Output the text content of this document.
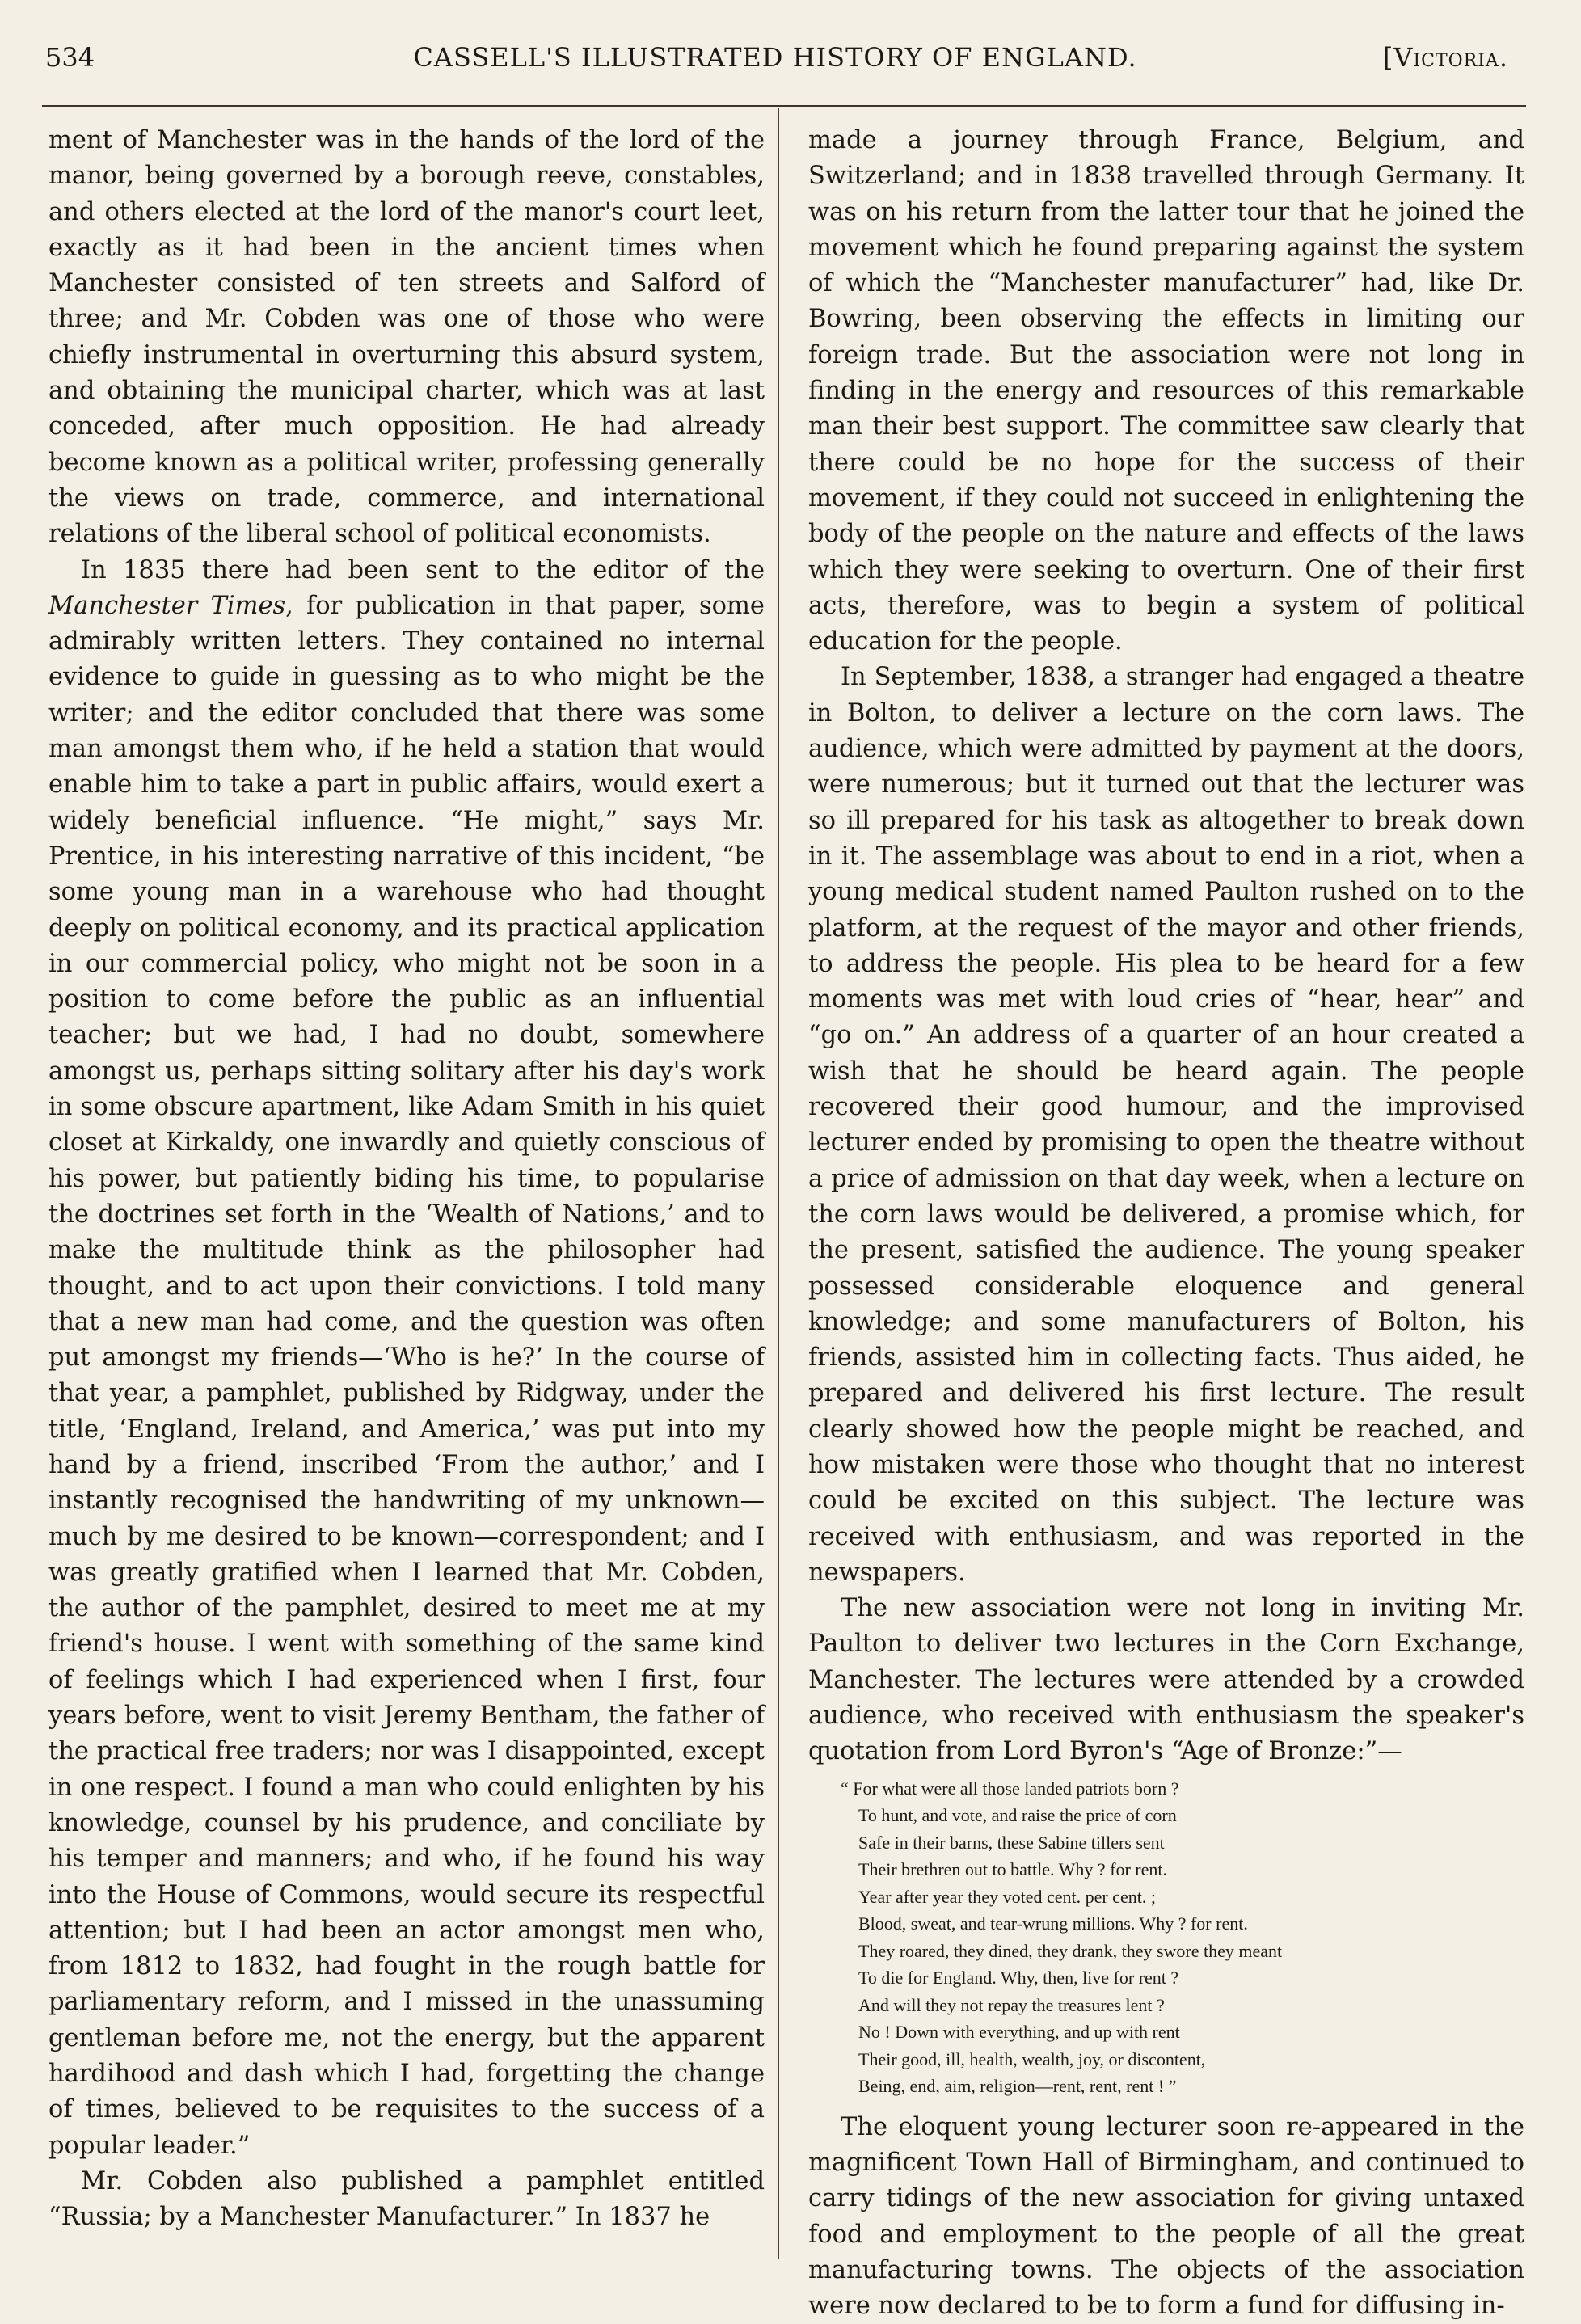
534	CASSELL'S ILLUSTRATED HISTORY OF ENGLAND.	[Victoria.

ment of Manchester was in the hands of the lord of the manor, being governed by a borough reeve, constables, and others elected at the lord of the manor's court leet, exactly as it had been in the ancient times when Manchester consisted of ten streets and Salford of three; and Mr. Cobden was one of those who were chiefly instrumental in overturning this absurd system, and obtaining the municipal charter, which was at last conceded, after much opposition. He had already become known as a political writer, professing generally the views on trade, commerce, and international relations of the liberal school of political economists.

In 1835 there had been sent to the editor of the Manchester Times, for publication in that paper, some admirably written letters. They contained no internal evidence to guide in guessing as to who might be the writer; and the editor concluded that there was some man amongst them who, if he held a station that would enable him to take a part in public affairs, would exert a widely beneficial influence. “He might,” says Mr. Prentice, in his interesting narrative of this incident, “be some young man in a warehouse who had thought deeply on political economy, and its practical application in our commercial policy, who might not be soon in a position to come before the public as an influential teacher; but we had, I had no doubt, somewhere amongst us, perhaps sitting solitary after his day's work in some obscure apartment, like Adam Smith in his quiet closet at Kirkaldy, one inwardly and quietly conscious of his power, but patiently biding his time, to popularise the doctrines set forth in the ‘Wealth of Nations,’ and to make the multitude think as the philosopher had thought, and to act upon their convictions. I told many that a new man had come, and the question was often put amongst my friends—‘Who is he?’ In the course of that year, a pamphlet, published by Ridgway, under the title, ‘England, Ireland, and America,’ was put into my hand by a friend, inscribed ‘From the author,’ and I instantly recognised the handwriting of my unknown—much by me desired to be known—correspondent; and I was greatly gratified when I learned that Mr. Cobden, the author of the pamphlet, desired to meet me at my friend's house. I went with something of the same kind of feelings which I had experienced when I first, four years before, went to visit Jeremy Bentham, the father of the practical free traders; nor was I disappointed, except in one respect. I found a man who could enlighten by his knowledge, counsel by his prudence, and conciliate by his temper and manners; and who, if he found his way into the House of Commons, would secure its respectful attention; but I had been an actor amongst men who, from 1812 to 1832, had fought in the rough battle for parliamentary reform, and I missed in the unassuming gentleman before me, not the energy, but the apparent hardihood and dash which I had, forgetting the change of times, believed to be requisites to the success of a popular leader.”

Mr. Cobden also published a pamphlet entitled “Russia; by a Manchester Manufacturer.” In 1837 he

made a journey through France, Belgium, and Switzerland; and in 1838 travelled through Germany. It was on his return from the latter tour that he joined the movement which he found preparing against the system of which the “Manchester manufacturer” had, like Dr. Bowring, been observing the effects in limiting our foreign trade. But the association were not long in finding in the energy and resources of this remarkable man their best support. The committee saw clearly that there could be no hope for the success of their movement, if they could not succeed in enlightening the body of the people on the nature and effects of the laws which they were seeking to overturn. One of their first acts, therefore, was to begin a system of political education for the people.

In September, 1838, a stranger had engaged a theatre in Bolton, to deliver a lecture on the corn laws. The audience, which were admitted by payment at the doors, were numerous; but it turned out that the lecturer was so ill prepared for his task as altogether to break down in it. The assemblage was about to end in a riot, when a young medical student named Paulton rushed on to the platform, at the request of the mayor and other friends, to address the people. His plea to be heard for a few moments was met with loud cries of “hear, hear” and “go on.” An address of a quarter of an hour created a wish that he should be heard again. The people recovered their good humour, and the improvised lecturer ended by promising to open the theatre without a price of admission on that day week, when a lecture on the corn laws would be delivered, a promise which, for the present, satisfied the audience. The young speaker possessed considerable eloquence and general knowledge; and some manufacturers of Bolton, his friends, assisted him in collecting facts. Thus aided, he prepared and delivered his first lecture. The result clearly showed how the people might be reached, and how mistaken were those who thought that no interest could be excited on this subject. The lecture was received with enthusiasm, and was reported in the newspapers.

The new association were not long in inviting Mr. Paulton to deliver two lectures in the Corn Exchange, Manchester. The lectures were attended by a crowded audience, who received with enthusiasm the speaker's quotation from Lord Byron's “Age of Bronze:”—

“ For what were all those landed patriots born ?
To hunt, and vote, and raise the price of corn
Safe in their barns, these Sabine tillers sent
Their brethren out to battle. Why ? for rent.
Year after year they voted cent. per cent. ;
Blood, sweat, and tear-wrung millions. Why ? for rent.
They roared, they dined, they drank, they swore they meant
To die for England. Why, then, live for rent ?
And will they not repay the treasures lent ?
No ! Down with everything, and up with rent
Their good, ill, health, wealth, joy, or discontent,
Being, end, aim, religion—rent, rent, rent ! ”

The eloquent young lecturer soon re-appeared in the magnificent Town Hall of Birmingham, and continued to carry tidings of the new association for giving untaxed food and employment to the people of all the great manufacturing towns. The objects of the association were now declared to be to form a fund for diffusing in-
